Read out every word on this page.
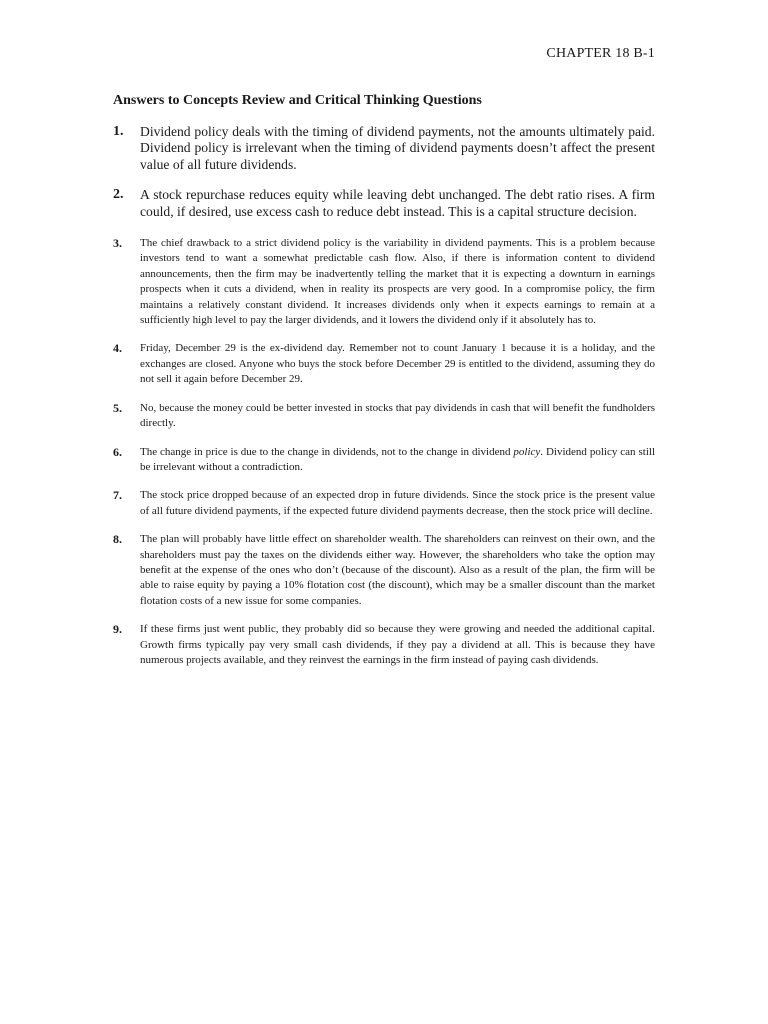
CHAPTER 18 B-1
Answers to Concepts Review and Critical Thinking Questions
1.	Dividend policy deals with the timing of dividend payments, not the amounts ultimately paid. Dividend policy is irrelevant when the timing of dividend payments doesn’t affect the present value of all future dividends.
2.	A stock repurchase reduces equity while leaving debt unchanged. The debt ratio rises. A firm could, if desired, use excess cash to reduce debt instead. This is a capital structure decision.
3.	The chief drawback to a strict dividend policy is the variability in dividend payments. This is a problem because investors tend to want a somewhat predictable cash flow. Also, if there is information content to dividend announcements, then the firm may be inadvertently telling the market that it is expecting a downturn in earnings prospects when it cuts a dividend, when in reality its prospects are very good. In a compromise policy, the firm maintains a relatively constant dividend. It increases dividends only when it expects earnings to remain at a sufficiently high level to pay the larger dividends, and it lowers the dividend only if it absolutely has to.
4.	Friday, December 29 is the ex-dividend day. Remember not to count January 1 because it is a holiday, and the exchanges are closed. Anyone who buys the stock before December 29 is entitled to the dividend, assuming they do not sell it again before December 29.
5.	No, because the money could be better invested in stocks that pay dividends in cash that will benefit the fundholders directly.
6.	The change in price is due to the change in dividends, not to the change in dividend policy. Dividend policy can still be irrelevant without a contradiction.
7.	The stock price dropped because of an expected drop in future dividends. Since the stock price is the present value of all future dividend payments, if the expected future dividend payments decrease, then the stock price will decline.
8.	The plan will probably have little effect on shareholder wealth. The shareholders can reinvest on their own, and the shareholders must pay the taxes on the dividends either way. However, the shareholders who take the option may benefit at the expense of the ones who don’t (because of the discount). Also as a result of the plan, the firm will be able to raise equity by paying a 10% flotation cost (the discount), which may be a smaller discount than the market flotation costs of a new issue for some companies.
9.	If these firms just went public, they probably did so because they were growing and needed the additional capital. Growth firms typically pay very small cash dividends, if they pay a dividend at all. This is because they have numerous projects available, and they reinvest the earnings in the firm instead of paying cash dividends.
